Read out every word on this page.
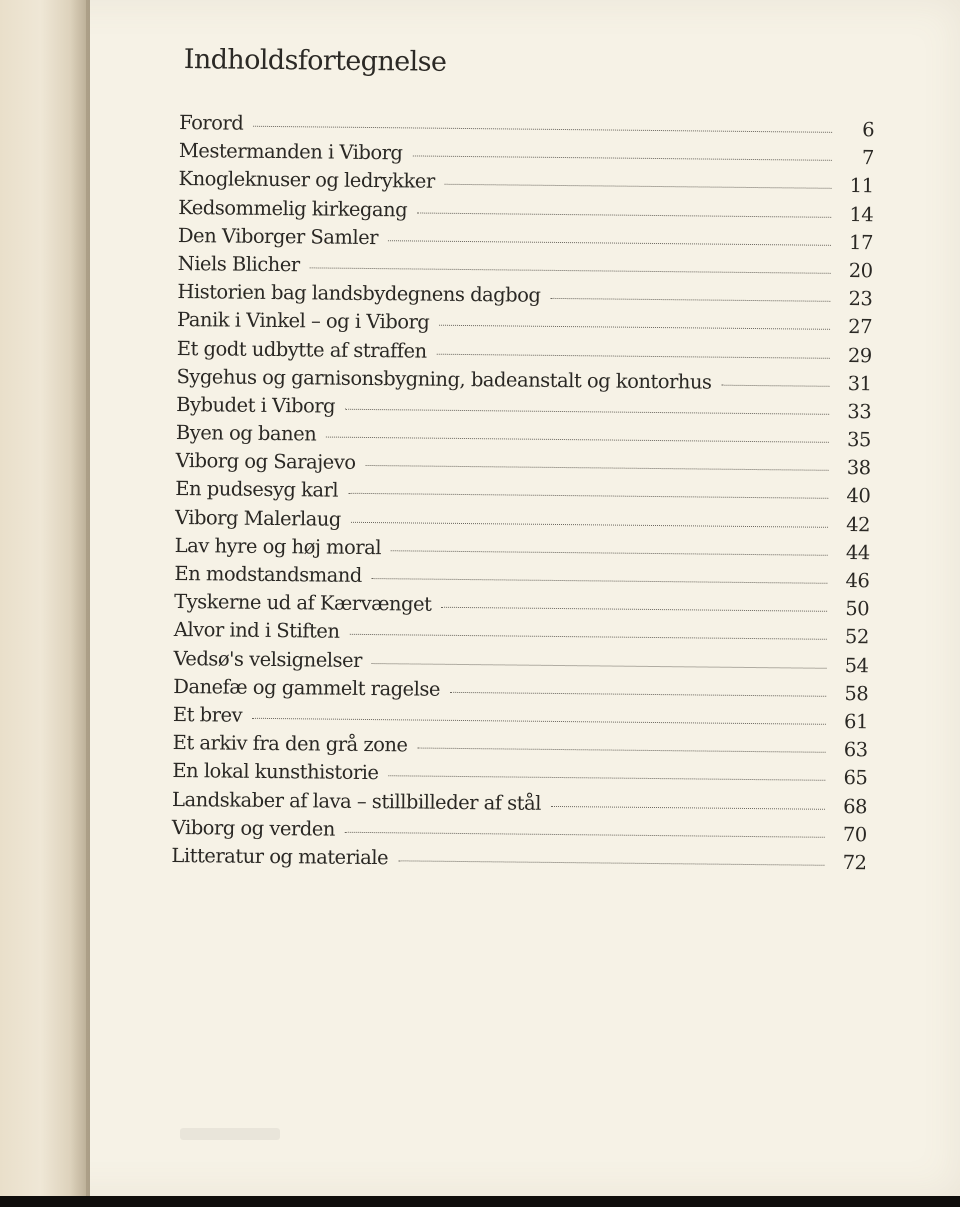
Indholdsfortegnelse
Forord	6
Mestermanden i Viborg	7
Knogleknuser og ledrykker	11
Kedsommelig kirkegang	14
Den Viborger Samler	17
Niels Blicher	20
Historien bag landsbydegnens dagbog	23
Panik i Vinkel – og i Viborg	27
Et godt udbytte af straffen	29
Sygehus og garnisonsbygning, badeanstalt og kontorhus	31
Bybudet i Viborg	33
Byen og banen	35
Viborg og Sarajevo	38
En pudsesyg karl	40
Viborg Malerlaug	42
Lav hyre og høj moral	44
En modstandsmand	46
Tyskerne ud af Kærvænget	50
Alvor ind i Stiften	52
Vedsø's velsignelser	54
Danefæ og gammelt ragelse	58
Et brev	61
Et arkiv fra den grå zone	63
En lokal kunsthistorie	65
Landskaber af lava – stillbilleder af stål	68
Viborg og verden	70
Litteratur og materiale	72
